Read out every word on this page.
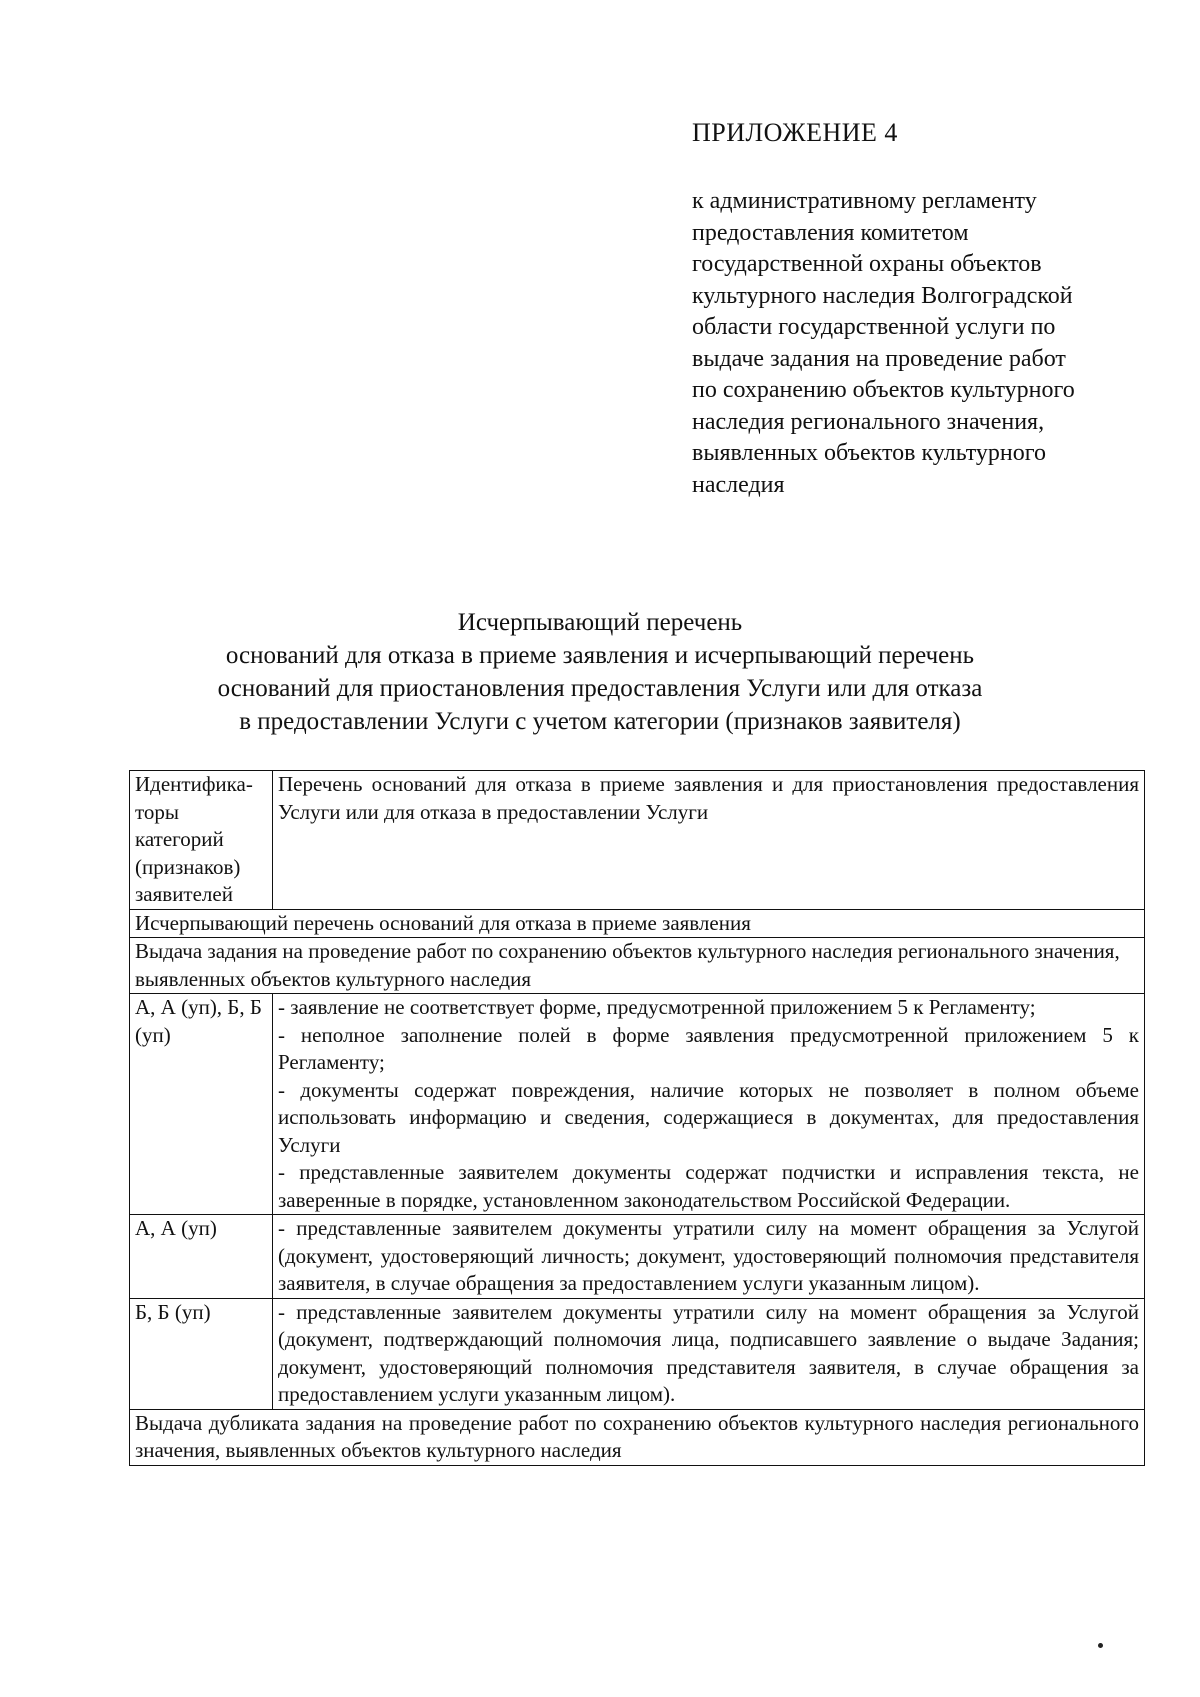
ПРИЛОЖЕНИЕ 4

к административному регламенту
предоставления комитетом
государственной охраны объектов
культурного наследия Волгоградской
области государственной услуги по
выдаче задания на проведение работ
по сохранению объектов культурного
наследия регионального значения,
выявленных объектов культурного
наследия

Исчерпывающий перечень
оснований для отказа в приеме заявления и исчерпывающий перечень
оснований для приостановления предоставления Услуги или для отказа
в предоставлении Услуги с учетом категории (признаков заявителя)
Идентифика-торы категорий (признаков) заявителей	Перечень оснований для отказа в приеме заявления и для приостановления предоставления Услуги или для отказа в предоставлении Услуги
Исчерпывающий перечень оснований для отказа в приеме заявления	
Выдача задания на проведение работ по сохранению объектов культурного наследия регионального значения, выявленных объектов культурного наследия	
А, А (уп), Б, Б (уп)	- заявление не соответствует форме, предусмотренной приложением 5 к Регламенту;
- неполное заполнение полей в форме заявления предусмотренной приложением 5 к Регламенту;
- документы содержат повреждения, наличие которых не позволяет в полном объеме использовать информацию и сведения, содержащиеся в документах, для предоставления Услуги
- представленные заявителем документы содержат подчистки и исправления текста, не заверенные в порядке, установленном законодательством Российской Федерации.

А, А (уп)	- представленные заявителем документы утратили силу на момент обращения за Услугой (документ, удостоверяющий личность; документ, удостоверяющий полномочия представителя заявителя, в случае обращения за предоставлением услуги указанным лицом).

Б, Б (уп)	- представленные заявителем документы утратили силу на момент обращения за Услугой (документ, подтверждающий полномочия лица, подписавшего заявление о выдаче Задания; документ, удостоверяющий полномочия представителя заявителя, в случае обращения за предоставлением услуги указанным лицом).

Выдача дубликата задания на проведение работ по сохранению объектов культурного наследия регионального значения, выявленных объектов культурного наследия	
